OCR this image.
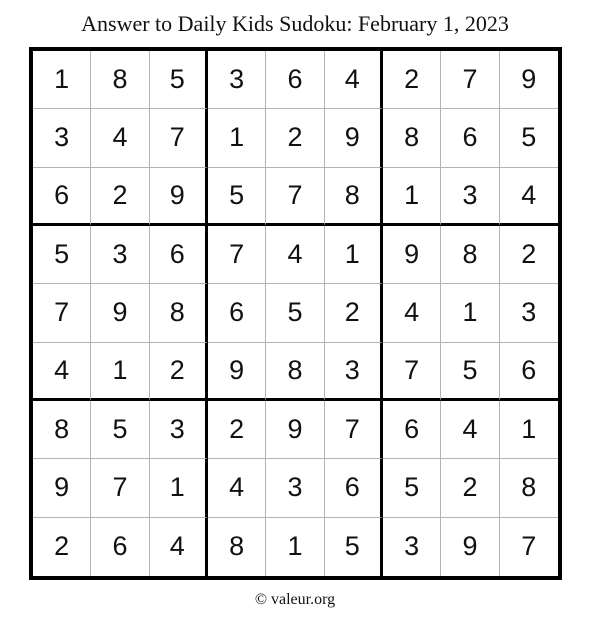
Answer to Daily Kids Sudoku: February 1, 2023
1	8	5	3	6	4	2	7	9
3	4	7	1	2	9	8	6	5
6	2	9	5	7	8	1	3	4
5	3	6	7	4	1	9	8	2
7	9	8	6	5	2	4	1	3
4	1	2	9	8	3	7	5	6
8	5	3	2	9	7	6	4	1
9	7	1	4	3	6	5	2	8
2	6	4	8	1	5	3	9	7
© valeur.org
